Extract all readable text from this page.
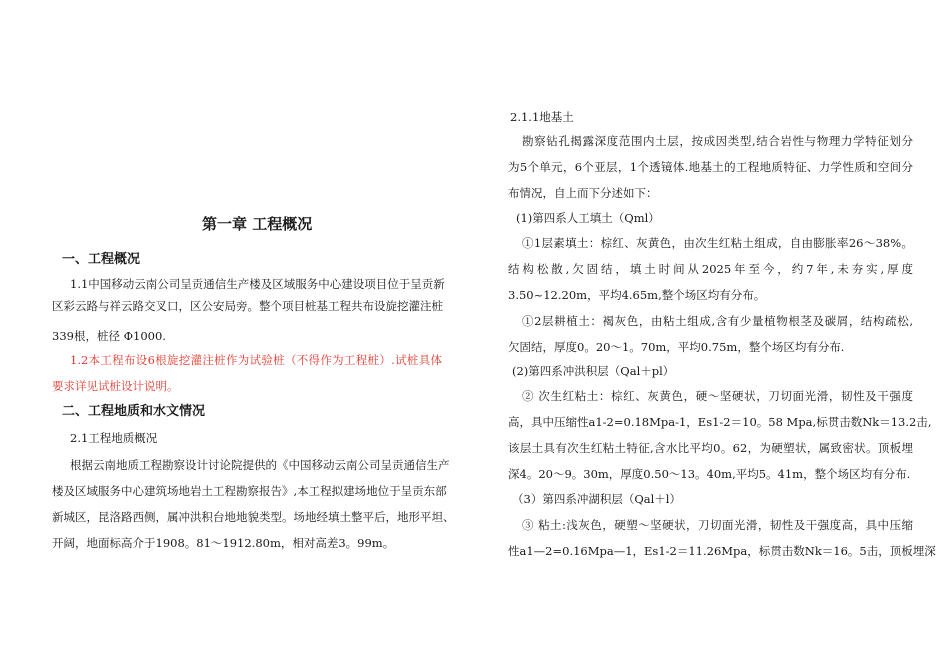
第一章 工程概况
一、工程概况
1.1中国移动云南公司呈贡通信生产楼及区域服务中心建设项目位于呈贡新
区彩云路与祥云路交叉口，区公安局旁。整个项目桩基工程共布设旋挖灌注桩
339根，桩径 Φ1000.
1.2本工程布设6根旋挖灌注桩作为试验桩（不得作为工程桩）.试桩具体
要求详见试桩设计说明。
二、工程地质和水文情况
2.1工程地质概况
根据云南地质工程勘察设计讨论院提供的《中国移动云南公司呈贡通信生产
楼及区域服务中心建筑场地岩土工程勘察报告》,本工程拟建场地位于呈贡东部
新城区，昆洛路西侧，属冲洪积台地地貌类型。场地经填土整平后，地形平坦、
开阔，地面标高介于1908。81～1912.80m，相对高差3。99m。
2.1.1地基土
勘察钻孔揭露深度范围内土层，按成因类型,结合岩性与物理力学特征划分
为5个单元，6个亚层，1个透镜体.地基土的工程地质特征、力学性质和空间分
布情况，自上而下分述如下：
(1)第四系人工填土（Qml）
①1层素填土：棕红、灰黄色，由次生红粘土组成，自由膨胀率26～38%。
结构松散,欠固结，填土时间从2025年至今，约7年,未夯实,厚度
3.50~12.20m，平均4.65m,整个场区均有分布。
①2层耕植土：褐灰色，由粘土组成,含有少量植物根茎及碳屑，结构疏松,
欠固结，厚度0。20～1。70m，平均0.75m，整个场区均有分布.
(2)第四系冲洪积层（Qal＋pl）
② 次生红粘土：棕红、灰黄色，硬～坚硬状，刀切面光滑，韧性及干强度
高，具中压缩性a1-2=0.18Mpa-1，Es1-2＝10。58 Mpa,标贯击数Nk＝13.2击,
该层土具有次生红粘土特征,含水比平均0。62，为硬塑状，属致密状。顶板埋
深4。20～9。30m，厚度0.50～13。40m,平均5。41m，整个场区均有分布.
（3）第四系冲湖积层（Qal＋l）
③ 粘土:浅灰色，硬塑～坚硬状，刀切面光滑，韧性及干强度高，具中压缩
性a1—2=0.16Mpa—1，Es1-2＝11.26Mpa，标贯击数Nk＝16。5击，顶板埋深
